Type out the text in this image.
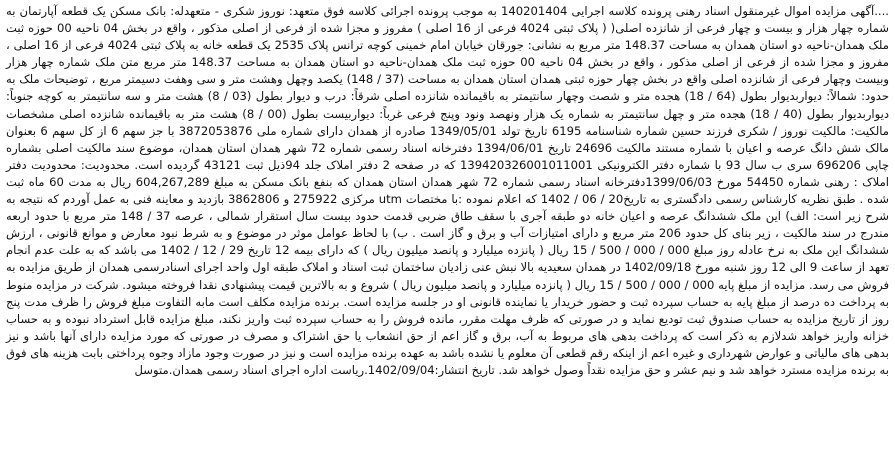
....آگهی مزایده اموال غیرمنقول اسناد رهنی پرونده کلاسه اجرایی 140201404 به موجب پرونده اجرائی کلاسه فوق متعهد: نوروز شکری - متعهدله: بانک مسکن یک قطعه آپارتمان به شماره چهار هزار و بیست و چهار فرعی از شانزده اصلی( ( پلاک ثبتی 4024 فرعی از 16 اصلی ) مفروز و مجزا شده از فرعی از اصلی مذکور ، واقع در بخش 04 ناحیه 00 حوزه ثبت ملک همدان-ناحیه دو استان همدان به مساحت 148.37 متر مربع به نشانی: جورقان خیابان امام خمینی کوچه ترانس پلاک 2535 یک قطعه خانه به پلاک ثبتی 4024 فرعی از 16 اصلی ، مفروز و مجزا شده از فرعی از اصلی مذکور ، واقع در بخش 04 ناحیه 00 حوزه ثبت ملک همدان-ناحیه دو استان همدان به مساحت 148.37 متر مربع متن ملک شماره چهار هزار وبیست وچهار فرعی از شانزده اصلی واقع در بخش چهار حوزه ثبتی همدان استان همدان به مساحت (37 / 148) یکصد وچهل وهشت متر و سی وهفت دسیمتر مربع ، توضیحات ملک به حدود: شمالاً: دیواربدیوار بطول (64 / 18) هجده متر و شصت وچهار سانتیمتر به باقیمانده شانزده اصلی شرقاً: درب و دیوار بطول (03 / 8) هشت متر و سه سانتیمتر به کوچه جنوباً: دیواربدیوار بطول (40 / 18) هجده متر و چهل سانتیمتر به شماره یک هزار ونهصد ونود وپنج فرعی غرباً: دیواربیست بطول (00 / 8) هشت متر به باقیمانده شانزده اصلی مشخصات مالکیت: مالکیت نوروز / شکری فرزند حسین شماره شناسنامه 6195 تاریخ تولد 1349/05/01 صادره از همدان دارای شماره ملی 3872053876 با جز سهم 6 از کل سهم 6 بعنوان مالک شش دانگ عرصه و اعیان با شماره مستند مالکیت 24696 تاریخ 1394/06/01 دفترخانه اسناد رسمی شماره 72 شهر همدان استان همدان، موضوع سند مالکیت اصلی بشماره چاپی 696206 سری ب سال 93 با شماره دفتر الکترونیکی 139420326001011001 که در صفحه 2 دفتر املاک جلد 94ذیل ثبت 43121 گردیده است. محدودیت: محدودیت دفتر املاک : رهنی شماره 54450 مورخ 1399/06/03دفترخانه اسناد رسمی شماره 72 شهر همدان استان همدان که بنفع بانک مسکن به مبلغ 604,267,289 ریال به مدت 60 ماه ثبت شده . طبق نظریه کارشناس رسمی دادگستری به تاریخ20 / 06 / 1402 که اعلام نموده :با مختصات utm مرکزی 275922 و 3862806 بازدید و معاینه فنی به عمل آوردم که نتیجه به شرح زیر است: الف) این ملک ششدانگ عرصه و اعیان خانه دو طبقه آجری با سقف طاق ضربی قدمت حدود بیست سال استقرار شمالی ، عرصه 37 / 148 متر مربع با حدود اربعه مندرج در سند مالکیت ، زیر بنای کل حدود 206 متر مربع و دارای امتیازات آب و برق و گاز است . ب) با لحاظ عوامل موثر در موضوع و به شرط نبود معارض و موانع قانونی ، ارزش ششدانگ این ملک به نرخ عادله روز مبلغ 000 / 000 / 500 / 15 ریال ( پانزده میلیارد و پانصد میلیون ریال ) که دارای بیمه 12 تاریخ 29 / 12 / 1402 می باشد که به علت عدم انجام تعهد از ساعت 9 الی 12 روز شنبه مورخ 1402/09/18 در همدان سعیدیه بالا نبش عنی زادیان ساختمان ثبت اسناد و املاک طبقه اول واحد اجرای اسنادرسمی همدان از طریق مزایده به فروش می رسد. مزایده از مبلغ پایه 000 / 000 / 500 / 15 ریال ( پانزده میلیارد و پانصد میلیون ریال ) شروع و به بالاترین قیمت پیشنهادی نقدا فروخته میشود. شرکت در مزایده منوط به پرداخت ده درصد از مبلغ پایه به حساب سپرده ثبت و حضور خریدار یا نماینده قانونی او در جلسه مزایده است. برنده مزایده مکلف است مابه التفاوت مبلغ فروش را ظرف مدت پنج روز از تاریخ مزایده به حساب صندوق ثبت تودیع نماید و در صورتی که ظرف مهلت مقرر، مانده فروش را به حساب سپرده ثبت واریز نکند، مبلغ مزایده قابل استرداد نبوده و به حساب خزانه واریز خواهد شدلازم به ذکر است که پرداخت بدهی های مربوط به آب، برق و گاز اعم از حق انشعاب یا حق اشتراک و مصرف در صورتی که مورد مزایده دارای آنها باشد و نیز بدهی های مالیاتی و عوارض شهرداری و غیره اعم از اینکه رقم قطعی آن معلوم یا نشده باشد به عهده برنده مزایده است و نیز در صورت وجود مازاد وجوه پرداختی بابت هزینه های فوق به برنده مزایده مسترد خواهد شد و نیم عشر و حق مزایده نقداً وصول خواهد شد. تاریخ انتشار:1402/09/04.ریاست اداره اجرای اسناد رسمی همدان.متوسل
